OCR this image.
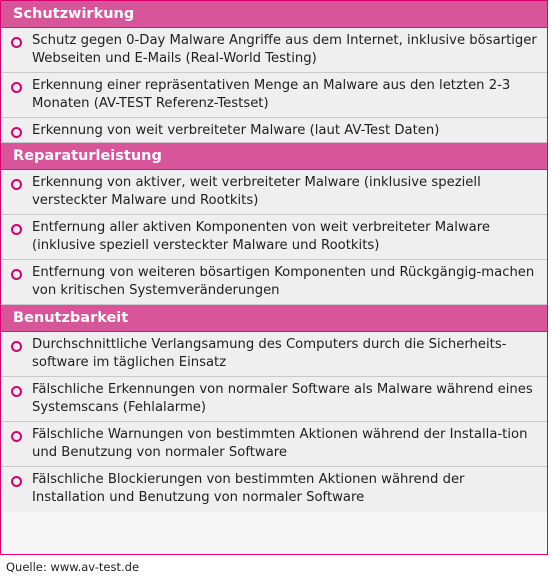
Schutzwirkung
Schutz gegen 0-Day Malware Angriffe aus dem Internet, inklusive bösartiger Webseiten und E-Mails (Real-World Testing)
Erkennung einer repräsentativen Menge an Malware aus den letzten 2-3 Monaten (AV-TEST Referenz-Testset)
Erkennung von weit verbreiteter Malware (laut AV-Test Daten)
Reparaturleistung
Erkennung von aktiver, weit verbreiteter Malware (inklusive speziell versteckter Malware und Rootkits)
Entfernung aller aktiven Komponenten von weit verbreiteter Malware (inklusive speziell versteckter Malware und Rootkits)
Entfernung von weiteren bösartigen Komponenten und Rückgängig-machen von kritischen Systemveränderungen
Benutzbarkeit
Durchschnittliche Verlangsamung des Computers durch die Sicherheits-software im täglichen Einsatz
Fälschliche Erkennungen von normaler Software als Malware während eines Systemscans (Fehlalarme)
Fälschliche Warnungen von bestimmten Aktionen während der Installa-tion und Benutzung von normaler Software
Fälschliche Blockierungen von bestimmten Aktionen während der Installation und Benutzung von normaler Software
Quelle: www.av-test.de
